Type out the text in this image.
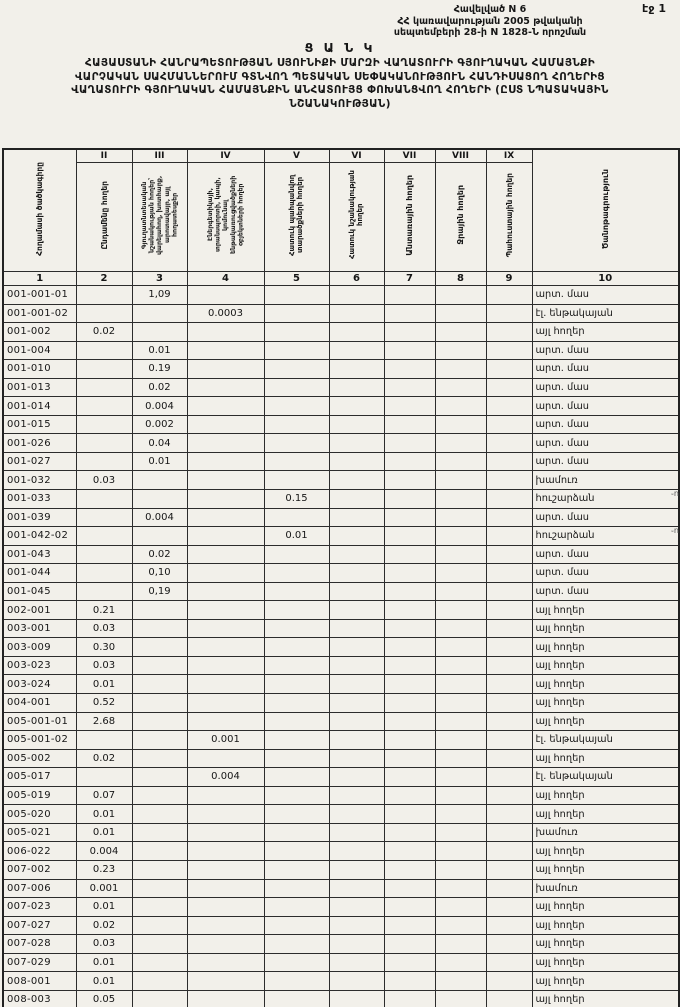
էջ 1
Հավելված N 6
ՀՀ կառավարության 2005 թվականի
սեպտեմբերի 28-ի N 1828-Ն որոշման
Ց Ա Ն Կ
ՀԱՅԱՍՏԱՆԻ ՀԱՆՐԱՊԵՏՈՒԹՅԱՆ ՍՅՈՒՆԻՔԻ ՄԱՐԶԻ ՎԱՂԱՏՈՒՐԻ ԳՅՈՒՂԱԿԱՆ ՀԱՄԱՅՆՔԻ
ՎԱՐՉԱԿԱՆ ՍԱՀՄԱՆՆԵՐՈՒՄ ԳՏՆՎՈՂ ՊԵՏԱԿԱՆ ՍԵՓԱԿԱՆՈՒԹՅՈՒՆ ՀԱՆԴԻՍԱՑՈՂ ՀՈՂԵՐԻՑ
ՎԱՂԱՏՈՒՐԻ ԳՅՈՒՂԱԿԱՆ ՀԱՄԱՅՆՔԻՆ ԱՆՀԱՏՈՒՅՑ ՓՈԽԱՆՑՎՈՂ ՀՈՂԵՐԻ (ԸՍՏ ՆՊԱՏԱԿԱՅԻՆ
ՆՇԱՆԱԿՈՒԹՅԱՆ)
Հողամասի ծածկագիրը	II	III	IV	V	VI	VII	VIII	IX	Ծանոթագրություն
	Ընդամենը հողեր	Գյուղատնտեսական նշանակության հողեր՝ վարելահող, խոտհարք, արոտավայր, այլ հողատեսքեր	Էներգետիկայի, տրանսպորտի, կապի, կոմունալ ենթակառուցվածքների օբյեկտների հողեր	Հատուկ պահպանվող տարածքների հողեր	Հատուկ նշանակության հողեր	Անտառային հողեր	Ջրային հողեր	Պահուստային հողեր	
1	2	3	4	5	6	7	8	9	10
001-001-01		1,09							արտ. մաս
001-001-02			0.0003						էլ. ենթակայան
001-002	0.02								այլ հողեր
001-004		0.01							արտ. մաս
001-010		0.19							արտ. մաս
001-013		0.02							արտ. մաս
001-014		0.004							արտ. մաս
001-015		0.002							արտ. մաս
001-026		0.04							արտ. մաս
001-027		0.01							արտ. մաս
001-032	0.03								խամուռ
001-033				0.15					հուշարձան
001-039		0.004							արտ. մաս
001-042-02				0.01					հուշարձան
001-043		0.02							արտ. մաս
001-044		0,10							արտ. մաս
001-045		0,19							արտ. մաս
002-001	0.21								այլ հողեր
003-001	0.03								այլ հողեր
003-009	0.30								այլ հողեր
003-023	0.03								այլ հողեր
003-024	0.01								այլ հողեր
004-001	0.52								այլ հողեր
005-001-01	2.68								այլ հողեր
005-001-02			0.001						էլ. ենթակայան
005-002	0.02								այլ հողեր
005-017			0.004						էլ. ենթակայան
005-019	0.07								այլ հողեր
005-020	0.01								այլ հողեր
005-021	0.01								խամուռ
006-022	0.004								այլ հողեր
007-002	0.23								այլ հողեր
007-006	0.001								խամուռ
007-023	0.01								այլ հողեր
007-027	0.02								այլ հողեր
007-028	0.03								այլ հողեր
007-029	0.01								այլ հողեր
008-001	0.01								այլ հողեր
008-003	0.05								այլ հողեր
֊ո
֊ո
